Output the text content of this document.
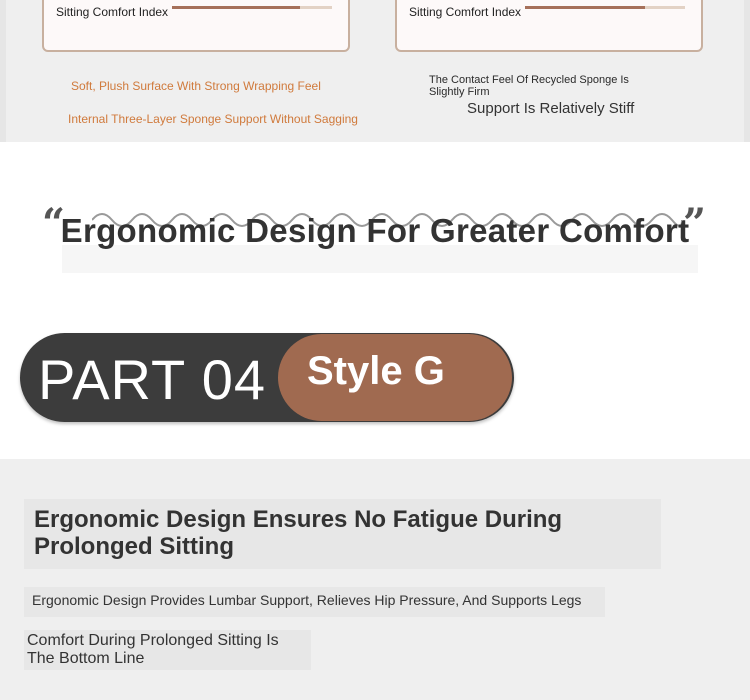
Sitting Comfort Index	Sitting Comfort Index
Soft, Plush Surface With Strong Wrapping Feel
Internal Three-Layer Sponge Support Without Sagging
The Contact Feel Of Recycled Sponge Is Slightly Firm
Support Is Relatively Stiff
“	”
Ergonomic Design For Greater Comfort
PART 04 Style G
Ergonomic Design Ensures No Fatigue During Prolonged Sitting
Ergonomic Design Provides Lumbar Support, Relieves Hip Pressure, And Supports Legs
Comfort During Prolonged Sitting Is The Bottom Line
